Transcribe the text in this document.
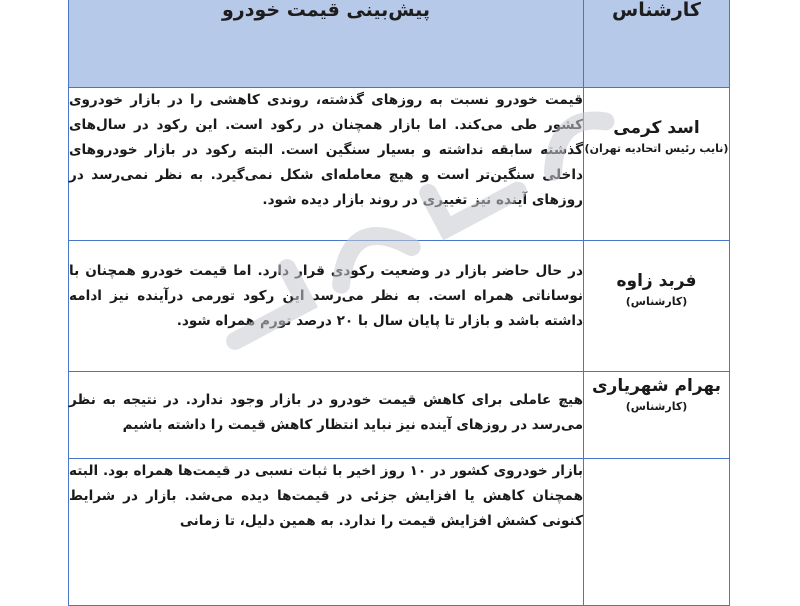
کارشناس	پیش‌بینی قیمت خودرو

اسد کرمی
(نایب رئیس اتحادیه تهران)	قیمت خودرو نسبت به روزهای گذشته، روندی کاهشی را در بازار خودروی کشور طی می‌کند. اما بازار همچنان در رکود است. این رکود در سال‌های گذشته سابقه نداشته و بسیار سنگین است. البته رکود در بازار خودروهای داخلی سنگین‌تر است و هیچ معامله‌ای شکل نمی‌گیرد. به نظر نمی‌رسد در روزهای آینده نیز تغییری در روند بازار دیده شود.

فربد زاوه
(کارشناس)	در حال حاضر بازار در وضعیت رکودی قرار دارد. اما قیمت خودرو همچنان با نوساناتی همراه است. به نظر می‌رسد این رکود تورمی درآینده نیز ادامه داشته باشد و بازار تا پایان سال با ۲۰ درصد تورم همراه شود.

بهرام شهریاری
(کارشناس)	هیچ عاملی برای کاهش قیمت خودرو در بازار وجود ندارد. در نتیجه به نظر می‌رسد در روزهای آینده نیز نباید انتظار کاهش قیمت را داشته باشیم

	بازار خودروی کشور در ۱۰ روز اخیر با ثبات نسبی در قیمت‌ها همراه بود. البته همچنان کاهش یا افزایش جزئی در قیمت‌ها دیده می‌شد. بازار در شرایط کنونی کشش افزایش قیمت را ندارد. به همین دلیل، تا زمانی
